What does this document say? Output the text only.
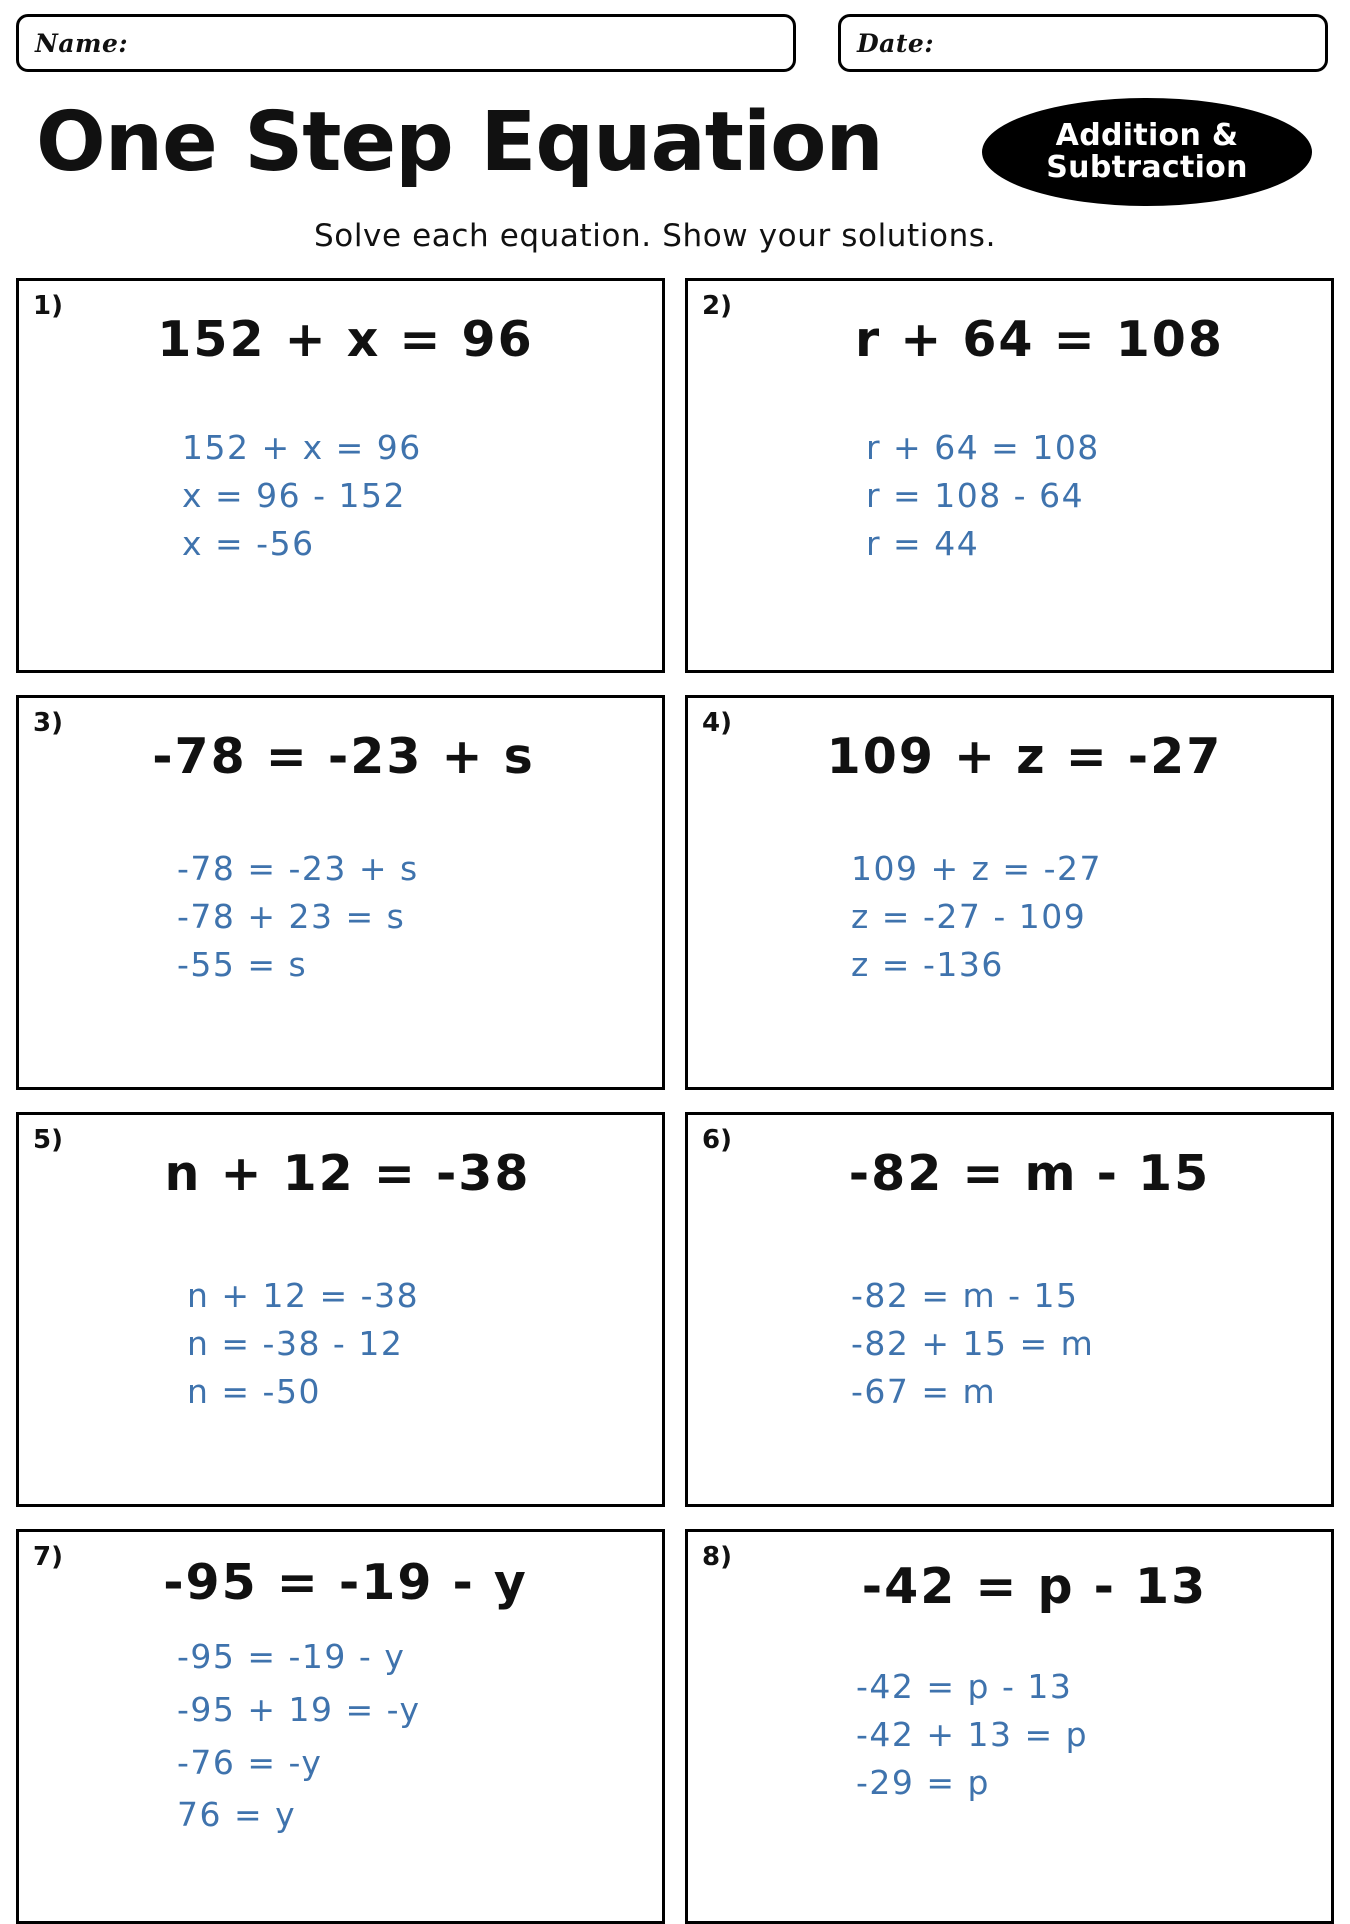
Name:	Date:
One Step Equation	Addition &
Subtraction

Solve each equation. Show your solutions.

1)
152 + x = 96
152 + x = 96
x = 96 - 152
x = -56
2)
r + 64 = 108
r + 64 = 108
r = 108 - 64
r = 44
3)
-78 = -23 + s
-78 = -23 + s
-78 + 23 = s
-55 = s
4)
109 + z = -27
109 + z = -27
z = -27 - 109
z = -136
5)
n + 12 = -38
n + 12 = -38
n = -38 - 12
n = -50
6)
-82 = m - 15
-82 = m - 15
-82 + 15 = m
-67 = m
7)	-95 = -19 - y
-95 = -19 - y
-95 + 19 = -y
-76 = -y
76 = y
8)
-42 = p - 13
-42 = p - 13
-42 + 13 = p
-29 = p
